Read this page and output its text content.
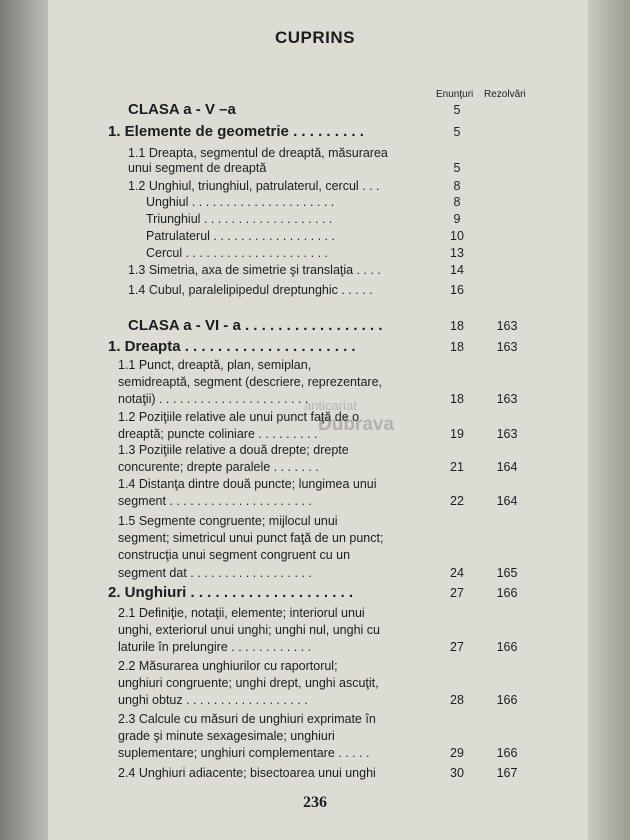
CUPRINS
Enunţuri Rezolvări
CLASA a - V –a	5
1. Elemente de geometrie . . . . . . . . .	5
1.1 Dreapta, segmentul de dreaptă, măsurarea
unui segment de dreaptă	5
1.2 Unghiul, triunghiul, patrulaterul, cercul . . .	8
Unghiul . . . . . . . . . . . . . . . . . . . . .	8
Triunghiul . . . . . . . . . . . . . . . . . . .	9
Patrulaterul . . . . . . . . . . . . . . . . . .	10
Cercul . . . . . . . . . . . . . . . . . . . . .	13
1.3 Simetria, axa de simetrie şi translaţia . . . .	14
1.4 Cubul, paralelipipedul dreptunghic . . . . .	16
CLASA a - VI - a . . . . . . . . . . . . . . . . .	18	163
1. Dreapta . . . . . . . . . . . . . . . . . . . . .	18	163
1.1 Punct, dreaptă, plan, semiplan,
semidreaptă, segment (descriere, reprezentare,
notaţii) . . . . . . . . . . . . . . . . . . . . . .	18	163
1.2 Poziţiile relative ale unui punct faţă de o
dreaptă; puncte coliniare . . . . . . . . .	19	163
1.3 Poziţiile relative a două drepte; drepte
concurente; drepte paralele . . . . . . .	21	164
1.4 Distanţa dintre două puncte; lungimea unui
segment . . . . . . . . . . . . . . . . . . . . .	22	164
1.5 Segmente congruente; mijlocul unui
segment; simetricul unui punct faţă de un punct;
construcţia unui segment congruent cu un
segment dat . . . . . . . . . . . . . . . . . .	24	165
2. Unghiuri . . . . . . . . . . . . . . . . . . . .	27	166
2.1 Definiţie, notaţii, elemente; interiorul unui
unghi, exteriorul unui unghi; unghi nul, unghi cu
laturile în prelungire . . . . . . . . . . . .	27	166
2.2 Măsurarea unghiurilor cu raportorul;
unghiuri congruente; unghi drept, unghi ascuţit,
unghi obtuz . . . . . . . . . . . . . . . . . .	28	166
2.3 Calcule cu măsuri de unghiuri exprimate în
grade şi minute sexagesimale; unghiuri
suplementare; unghiuri complementare . . . . .	29	166
2.4 Unghiuri adiacente; bisectoarea unui unghi	30	167
anticariat
Dubrava
236
